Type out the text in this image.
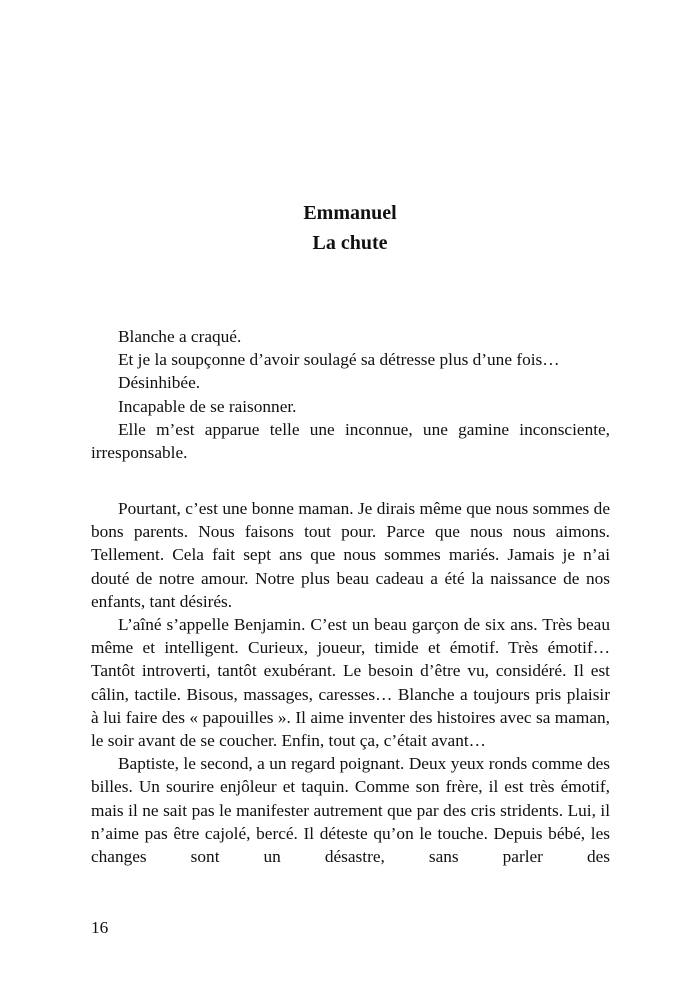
Emmanuel
La chute

Blanche a craqué.

Et je la soupçonne d’avoir soulagé sa détresse plus d’une fois…

Désinhibée.

Incapable de se raisonner.

Elle m’est apparue telle une inconnue, une gamine inconsciente, irresponsable.

Pourtant, c’est une bonne maman. Je dirais même que nous sommes de bons parents. Nous faisons tout pour. Parce que nous nous aimons. Tellement. Cela fait sept ans que nous sommes mariés. Jamais je n’ai douté de notre amour. Notre plus beau cadeau a été la naissance de nos enfants, tant désirés.

L’aîné s’appelle Benjamin. C’est un beau garçon de six ans. Très beau même et intelligent. Curieux, joueur, timide et émotif. Très émotif… Tantôt introverti, tantôt exubérant. Le besoin d’être vu, considéré. Il est câlin, tactile. Bisous, massages, caresses… Blanche a toujours pris plaisir à lui faire des « papouilles ». Il aime inventer des histoires avec sa maman, le soir avant de se coucher. Enfin, tout ça, c’était avant…

Baptiste, le second, a un regard poignant. Deux yeux ronds comme des billes. Un sourire enjôleur et taquin. Comme son frère, il est très émotif, mais il ne sait pas le manifester autrement que par des cris stridents. Lui, il n’aime pas être cajolé, bercé. Il déteste qu’on le touche. Depuis bébé, les changes sont un désastre, sans parler des

16
